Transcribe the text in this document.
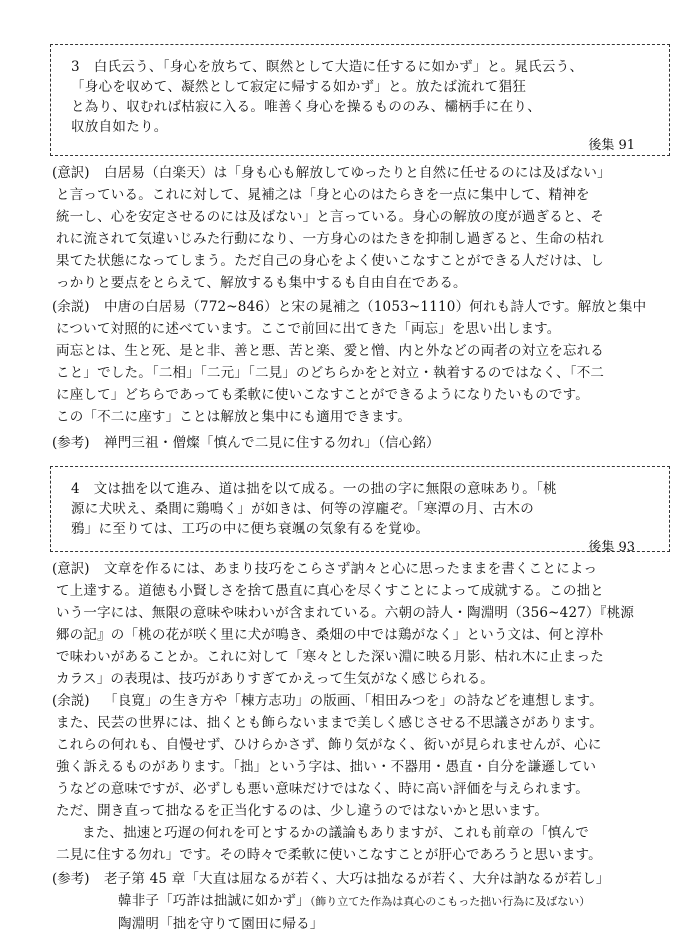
3　白氏云う、「身心を放ちて、瞑然として大造に任するに如かず」と。晁氏云う、
「身心を収めて、凝然として寂定に帰する如かず」と。放たば流れて猖狂
と為り、収むれば枯寂に入る。唯善く身心を操るもののみ、欛柄手に在り、
収放自如たり。
後集 91
(意訳)	白居易（白楽天）は「身も心も解放してゆったりと自然に任せるのには及ばない」
と言っている。これに対して、晁補之は「身と心のはたらきを一点に集中して、精神を
統一し、心を安定させるのには及ばない」と言っている。身心の解放の度が過ぎると、そ
れに流されて気違いじみた行動になり、一方身心のはたきを抑制し過ぎると、生命の枯れ
果てた状態になってしまう。ただ自己の身心をよく使いこなすことができる人だけは、し
っかりと要点をとらえて、解放するも集中するも自由自在である。
(余説)	中唐の白居易（772~846）と宋の晁補之（1053~1110）何れも詩人です。解放と集中
について対照的に述べています。ここで前回に出てきた「両忘」を思い出します。
両忘とは、生と死、是と非、善と悪、苦と楽、愛と憎、内と外などの両者の対立を忘れる
こと」でした。「二相」「二元」「二見」のどちらかをと対立・執着するのではなく、「不二
に座して」どちらであっても柔軟に使いこなすことができるようになりたいものです。
この「不二に座す」ことは解放と集中にも適用できます。
(参考)	禅門三祖・僧燦「慎んで二見に住する勿れ」（信心銘）
4　文は拙を以て進み、道は拙を以て成る。一の拙の字に無限の意味あり。「桃
源に犬吠え、桑間に鶏鳴く」が如きは、何等の淳龐ぞ。「寒潭の月、古木の
鴉」に至りては、工巧の中に便ち衰颯の気象有るを覚ゆ。
後集 93
(意訳)	文章を作るには、あまり技巧をこらさず訥々と心に思ったままを書くことによっ
て上達する。道徳も小賢しさを捨て愚直に真心を尽くすことによって成就する。この拙と
いう一字には、無限の意味や味わいが含まれている。六朝の詩人・陶淵明（356~427）『桃源
郷の記』の「桃の花が咲く里に犬が鳴き、桑畑の中では鶏がなく」という文は、何と淳朴
で味わいがあることか。これに対して「寒々とした深い淵に映る月影、枯れ木に止まった
カラス」の表現は、技巧がありすぎてかえって生気がなく感じられる。
(余説)	「良寛」の生き方や「棟方志功」の版画、「相田みつを」の詩などを連想します。
また、民芸の世界には、拙くとも飾らないままで美しく感じさせる不思議さがあります。
これらの何れも、自慢せず、ひけらかさず、飾り気がなく、衒いが見られませんが、心に
強く訴えるものがあります。「拙」という字は、拙い・不器用・愚直・自分を謙遜してい
うなどの意味ですが、必ずしも悪い意味だけではなく、時に高い評価を与えられます。
ただ、開き直って拙なるを正当化するのは、少し違うのではないかと思います。
また、拙速と巧遅の何れを可とするかの議論もありますが、これも前章の「慎んで
二見に住する勿れ」です。その時々で柔軟に使いこなすことが肝心であろうと思います。
(参考)	老子第 45 章「大直は屈なるが若く、大巧は拙なるが若く、大弁は訥なるが若し」
韓非子「巧詐は拙誠に如かず」（飾り立てた作為は真心のこもった拙い行為に及ばない）
陶淵明「拙を守りて園田に帰る」
